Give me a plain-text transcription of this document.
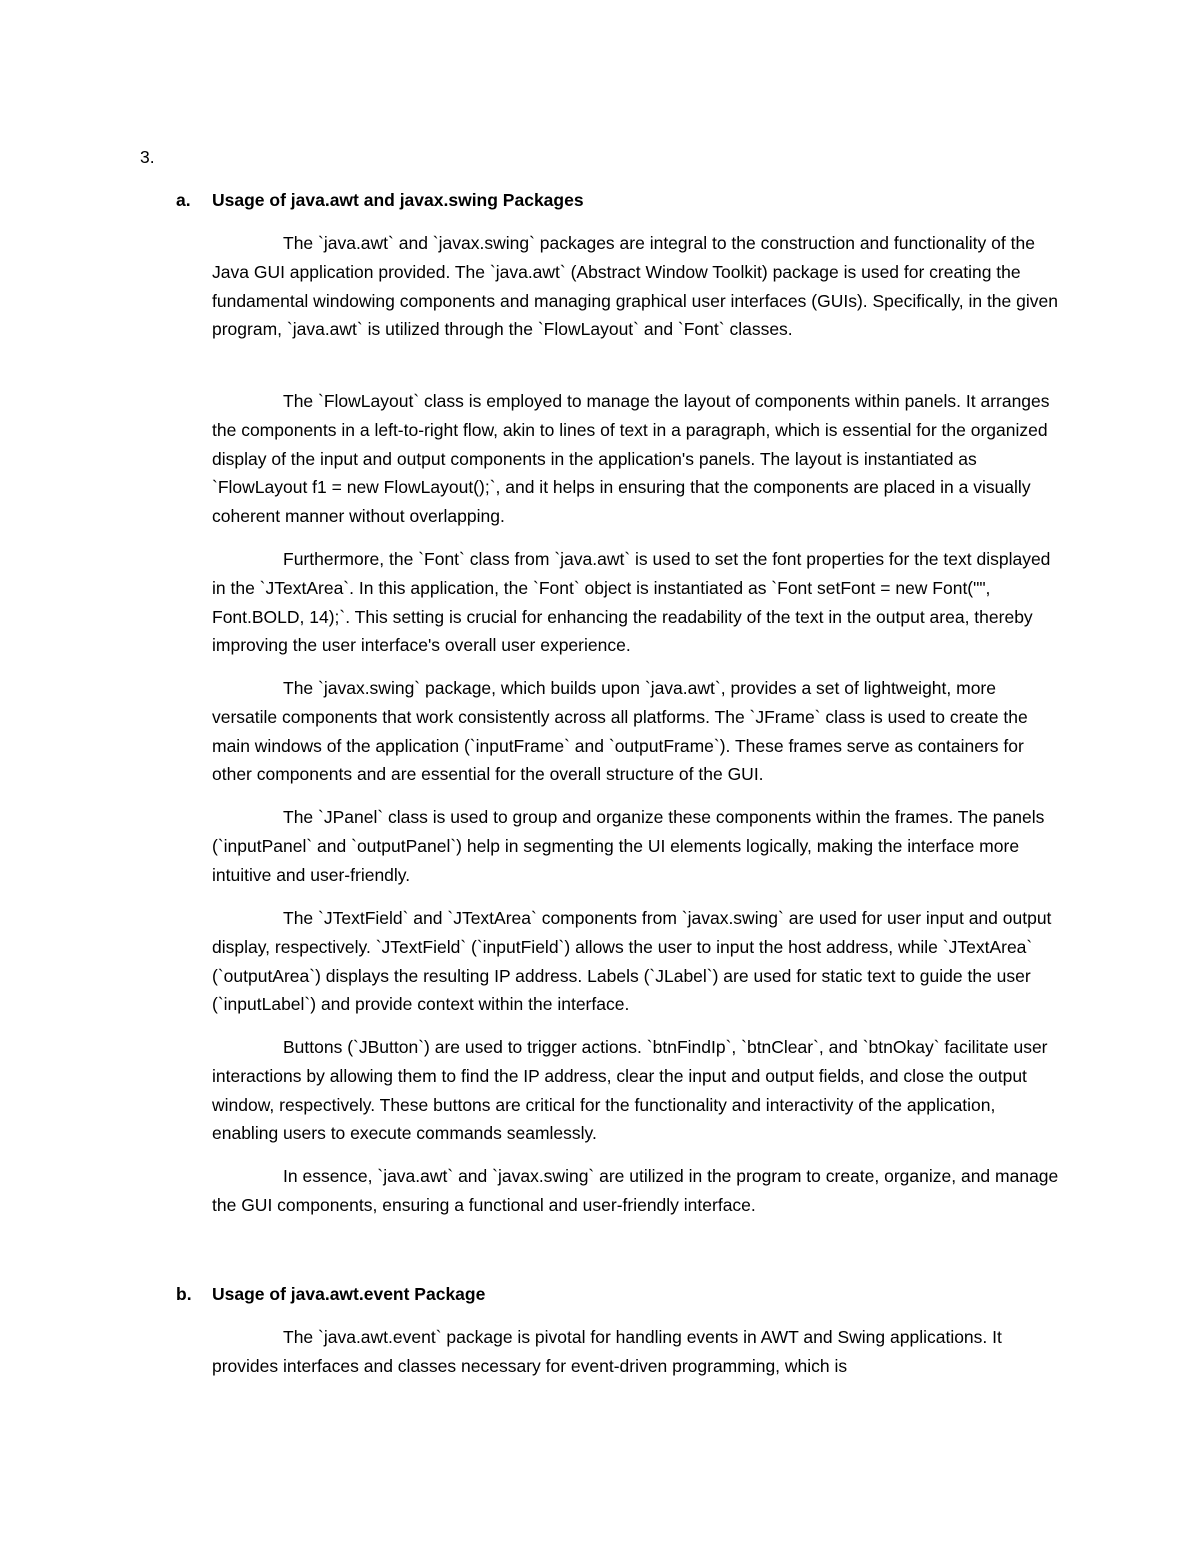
3.
a. Usage of java.awt and javax.swing Packages

The `java.awt` and `javax.swing` packages are integral to the construction and functionality of the Java GUI application provided. The `java.awt` (Abstract Window Toolkit) package is used for creating the fundamental windowing components and managing graphical user interfaces (GUIs). Specifically, in the given program, `java.awt` is utilized through the `FlowLayout` and `Font` classes.

The `FlowLayout` class is employed to manage the layout of components within panels. It arranges the components in a left-to-right flow, akin to lines of text in a paragraph, which is essential for the organized display of the input and output components in the application's panels. The layout is instantiated as `FlowLayout f1 = new FlowLayout();`, and it helps in ensuring that the components are placed in a visually coherent manner without overlapping.

Furthermore, the `Font` class from `java.awt` is used to set the font properties for the text displayed in the `JTextArea`. In this application, the `Font` object is instantiated as `Font setFont = new Font("", Font.BOLD, 14);`. This setting is crucial for enhancing the readability of the text in the output area, thereby improving the user interface's overall user experience.

The `javax.swing` package, which builds upon `java.awt`, provides a set of lightweight, more versatile components that work consistently across all platforms. The `JFrame` class is used to create the main windows of the application (`inputFrame` and `outputFrame`). These frames serve as containers for other components and are essential for the overall structure of the GUI.

The `JPanel` class is used to group and organize these components within the frames. The panels (`inputPanel` and `outputPanel`) help in segmenting the UI elements logically, making the interface more intuitive and user-friendly.

The `JTextField` and `JTextArea` components from `javax.swing` are used for user input and output display, respectively. `JTextField` (`inputField`) allows the user to input the host address, while `JTextArea` (`outputArea`) displays the resulting IP address. Labels (`JLabel`) are used for static text to guide the user (`inputLabel`) and provide context within the interface.

Buttons (`JButton`) are used to trigger actions. `btnFindIp`, `btnClear`, and `btnOkay` facilitate user interactions by allowing them to find the IP address, clear the input and output fields, and close the output window, respectively. These buttons are critical for the functionality and interactivity of the application, enabling users to execute commands seamlessly.

In essence, `java.awt` and `javax.swing` are utilized in the program to create, organize, and manage the GUI components, ensuring a functional and user-friendly interface.

b. Usage of java.awt.event Package

The `java.awt.event` package is pivotal for handling events in AWT and Swing applications. It provides interfaces and classes necessary for event-driven programming, which is
